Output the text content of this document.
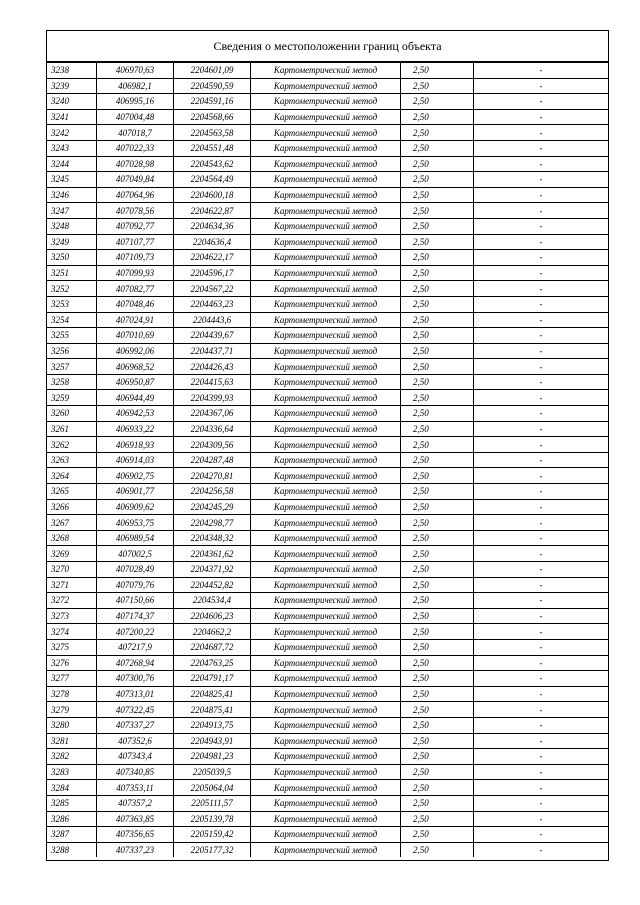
Сведения о местоположении границ объекта
3238	406970,63	2204601,09	Картометрический метод	2,50	-
3239	406982,1	2204590,59	Картометрический метод	2,50	-
3240	406995,16	2204591,16	Картометрический метод	2,50	-
3241	407004,48	2204568,66	Картометрический метод	2,50	-
3242	407018,7	2204563,58	Картометрический метод	2,50	-
3243	407022,33	2204551,48	Картометрический метод	2,50	-
3244	407028,98	2204543,62	Картометрический метод	2,50	-
3245	407049,84	2204564,49	Картометрический метод	2,50	-
3246	407064,96	2204600,18	Картометрический метод	2,50	-
3247	407078,56	2204622,87	Картометрический метод	2,50	-
3248	407092,77	2204634,36	Картометрический метод	2,50	-
3249	407107,77	2204636,4	Картометрический метод	2,50	-
3250	407109,73	2204622,17	Картометрический метод	2,50	-
3251	407099,93	2204596,17	Картометрический метод	2,50	-
3252	407082,77	2204567,22	Картометрический метод	2,50	-
3253	407048,46	2204463,23	Картометрический метод	2,50	-
3254	407024,91	2204443,6	Картометрический метод	2,50	-
3255	407010,69	2204439,67	Картометрический метод	2,50	-
3256	406992,06	2204437,71	Картометрический метод	2,50	-
3257	406968,52	2204426,43	Картометрический метод	2,50	-
3258	406950,87	2204415,63	Картометрический метод	2,50	-
3259	406944,49	2204399,93	Картометрический метод	2,50	-
3260	406942,53	2204367,06	Картометрический метод	2,50	-
3261	406933,22	2204336,64	Картометрический метод	2,50	-
3262	406918,93	2204309,56	Картометрический метод	2,50	-
3263	406914,03	2204287,48	Картометрический метод	2,50	-
3264	406902,75	2204270,81	Картометрический метод	2,50	-
3265	406901,77	2204256,58	Картометрический метод	2,50	-
3266	406909,62	2204245,29	Картометрический метод	2,50	-
3267	406953,75	2204298,77	Картометрический метод	2,50	-
3268	406989,54	2204348,32	Картометрический метод	2,50	-
3269	407002,5	2204361,62	Картометрический метод	2,50	-
3270	407028,49	2204371,92	Картометрический метод	2,50	-
3271	407079,76	2204452,82	Картометрический метод	2,50	-
3272	407150,66	2204534,4	Картометрический метод	2,50	-
3273	407174,37	2204606,23	Картометрический метод	2,50	-
3274	407200,22	2204662,2	Картометрический метод	2,50	-
3275	407217,9	2204687,72	Картометрический метод	2,50	-
3276	407268,94	2204763,25	Картометрический метод	2,50	-
3277	407300,76	2204791,17	Картометрический метод	2,50	-
3278	407313,01	2204825,41	Картометрический метод	2,50	-
3279	407322,45	2204875,41	Картометрический метод	2,50	-
3280	407337,27	2204913,75	Картометрический метод	2,50	-
3281	407352,6	2204943,91	Картометрический метод	2,50	-
3282	407343,4	2204981,23	Картометрический метод	2,50	-
3283	407340,85	2205039,5	Картометрический метод	2,50	-
3284	407353,11	2205064,04	Картометрический метод	2,50	-
3285	407357,2	2205111,57	Картометрический метод	2,50	-
3286	407363,85	2205139,78	Картометрический метод	2,50	-
3287	407356,65	2205159,42	Картометрический метод	2,50	-
3288	407337,23	2205177,32	Картометрический метод	2,50	-
